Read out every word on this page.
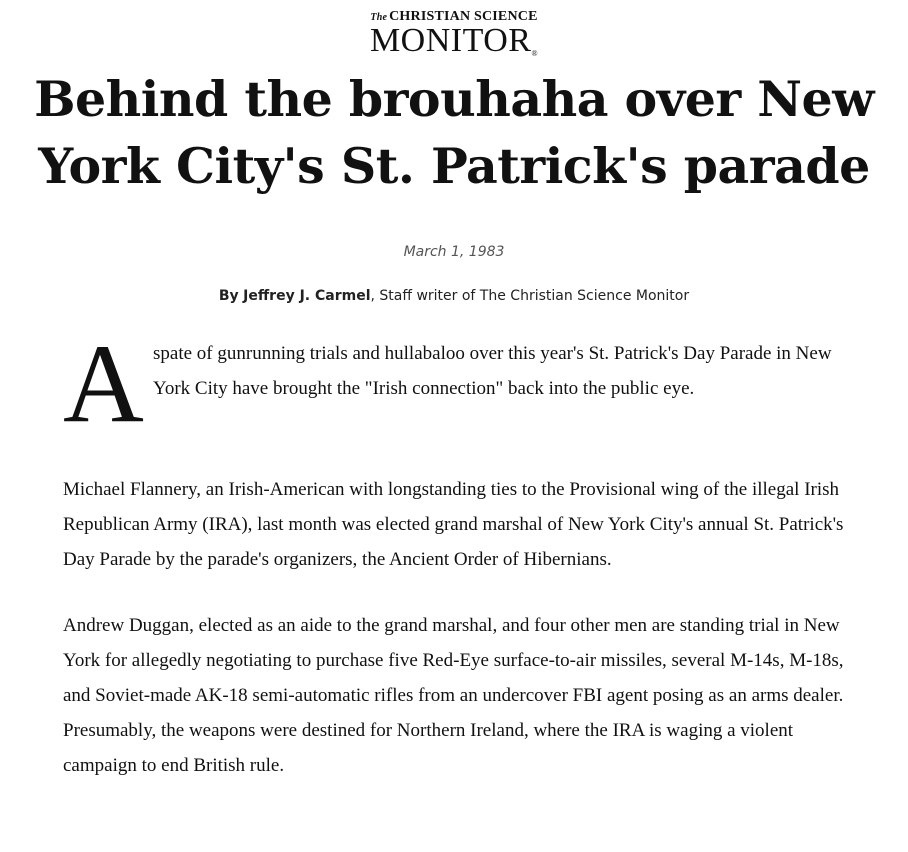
The CHRISTIAN SCIENCE
MONITOR®
Behind the brouhaha over New York City's St. Patrick's parade
March 1, 1983
By Jeffrey J. Carmel, Staff writer of The Christian Science Monitor

A spate of gunrunning trials and hullabaloo over this year's St. Patrick's Day Parade in New York City have brought the "Irish connection" back into the public eye.

Michael Flannery, an Irish-American with longstanding ties to the Provisional wing of the illegal Irish Republican Army (IRA), last month was elected grand marshal of New York City's annual St. Patrick's Day Parade by the parade's organizers, the Ancient Order of Hibernians.

Andrew Duggan, elected as an aide to the grand marshal, and four other men are standing trial in New York for allegedly negotiating to purchase five Red-Eye surface-to-air missiles, several M-14s, M-18s, and Soviet-made AK-18 semi-automatic rifles from an undercover FBI agent posing as an arms dealer. Presumably, the weapons were destined for Northern Ireland, where the IRA is waging a violent campaign to end British rule.
